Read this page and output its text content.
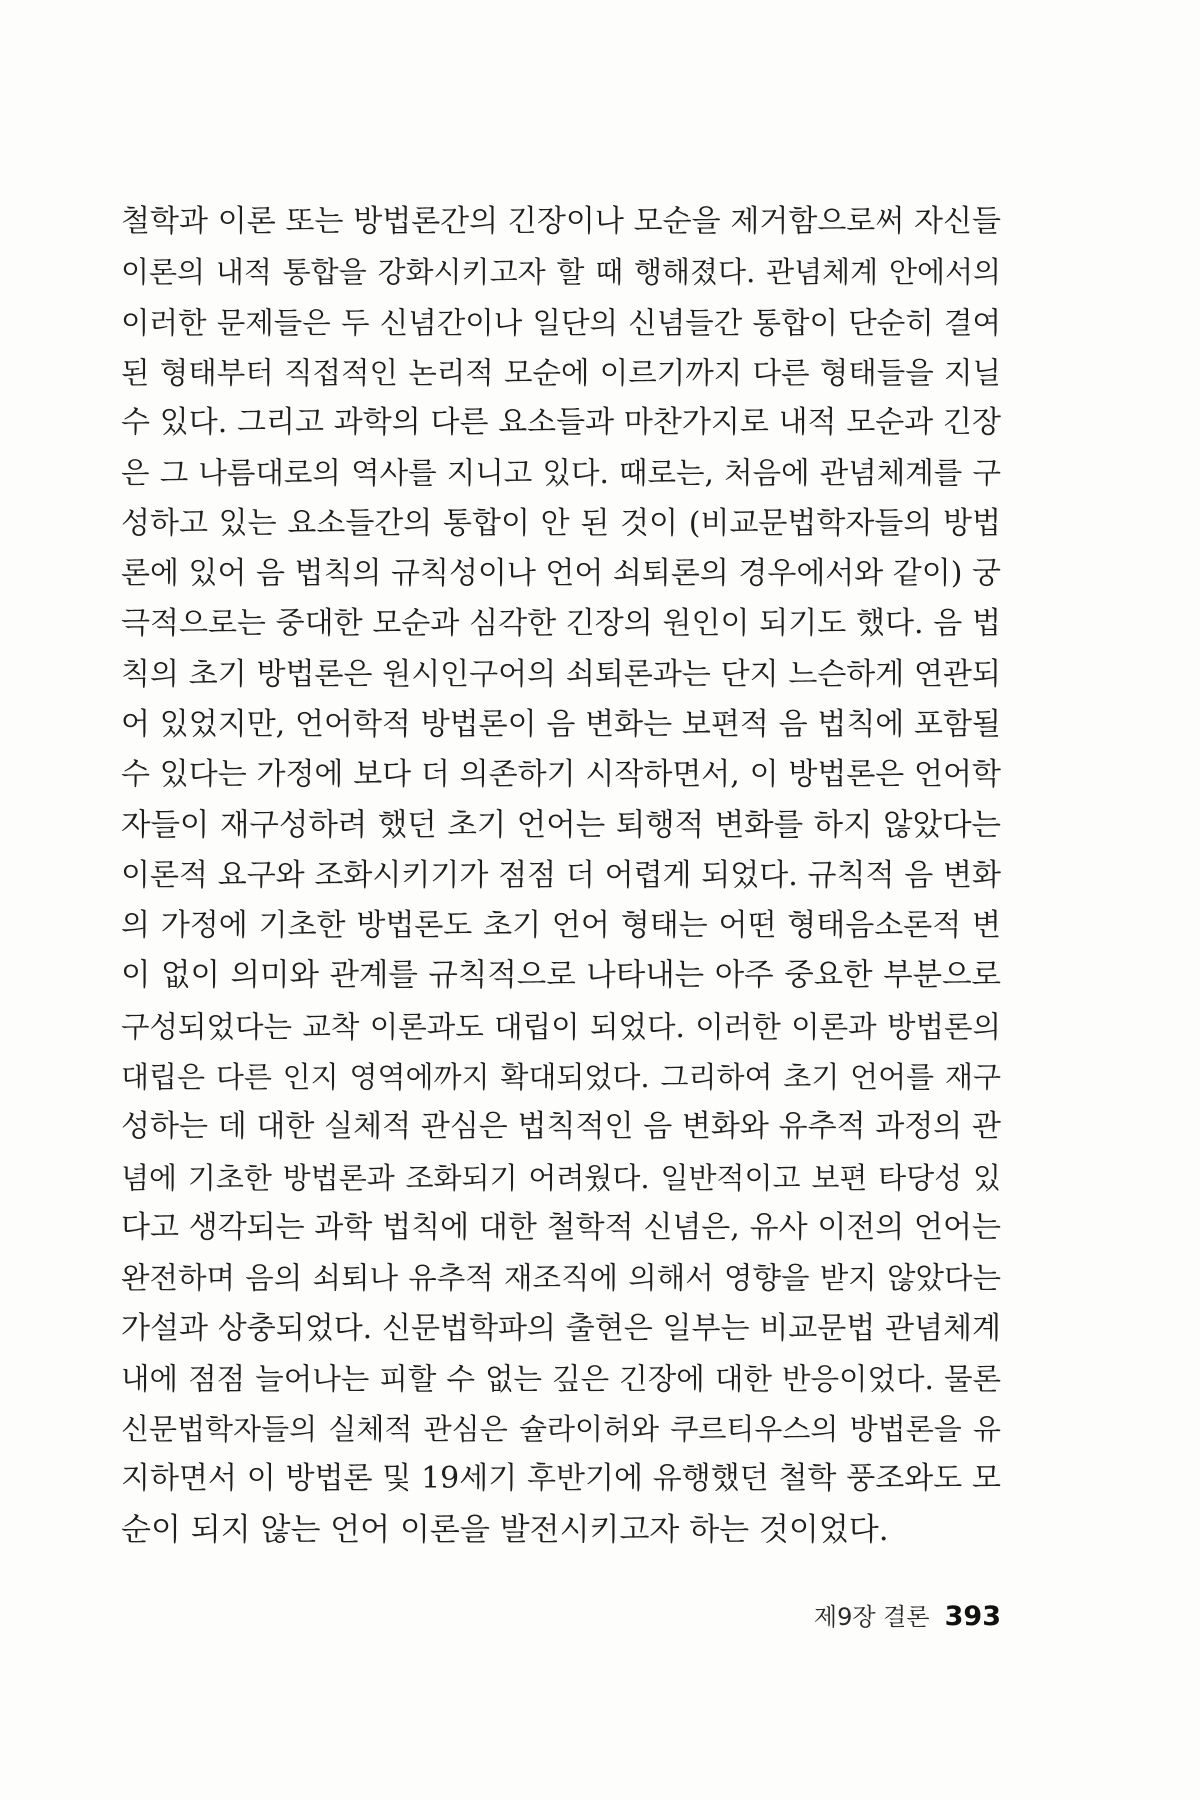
철학과 이론 또는 방법론간의 긴장이나 모순을 제거함으로써 자신들
이론의 내적 통합을 강화시키고자 할 때 행해졌다. 관념체계 안에서의
이러한 문제들은 두 신념간이나 일단의 신념들간 통합이 단순히 결여
된 형태부터 직접적인 논리적 모순에 이르기까지 다른 형태들을 지닐
수 있다. 그리고 과학의 다른 요소들과 마찬가지로 내적 모순과 긴장
은 그 나름대로의 역사를 지니고 있다. 때로는, 처음에 관념체계를 구
성하고 있는 요소들간의 통합이 안 된 것이 (비교문법학자들의 방법
론에 있어 음 법칙의 규칙성이나 언어 쇠퇴론의 경우에서와 같이) 궁
극적으로는 중대한 모순과 심각한 긴장의 원인이 되기도 했다. 음 법
칙의 초기 방법론은 원시인구어의 쇠퇴론과는 단지 느슨하게 연관되
어 있었지만, 언어학적 방법론이 음 변화는 보편적 음 법칙에 포함될
수 있다는 가정에 보다 더 의존하기 시작하면서, 이 방법론은 언어학
자들이 재구성하려 했던 초기 언어는 퇴행적 변화를 하지 않았다는
이론적 요구와 조화시키기가 점점 더 어렵게 되었다. 규칙적 음 변화
의 가정에 기초한 방법론도 초기 언어 형태는 어떤 형태음소론적 변
이 없이 의미와 관계를 규칙적으로 나타내는 아주 중요한 부분으로
구성되었다는 교착 이론과도 대립이 되었다. 이러한 이론과 방법론의
대립은 다른 인지 영역에까지 확대되었다. 그리하여 초기 언어를 재구
성하는 데 대한 실체적 관심은 법칙적인 음 변화와 유추적 과정의 관
념에 기초한 방법론과 조화되기 어려웠다. 일반적이고 보편 타당성 있
다고 생각되는 과학 법칙에 대한 철학적 신념은, 유사 이전의 언어는
완전하며 음의 쇠퇴나 유추적 재조직에 의해서 영향을 받지 않았다는
가설과 상충되었다. 신문법학파의 출현은 일부는 비교문법 관념체계
내에 점점 늘어나는 피할 수 없는 깊은 긴장에 대한 반응이었다. 물론
신문법학자들의 실체적 관심은 슐라이허와 쿠르티우스의 방법론을 유
지하면서 이 방법론 및 19세기 후반기에 유행했던 철학 풍조와도 모
순이 되지 않는 언어 이론을 발전시키고자 하는 것이었다.
제9장 결론 393
